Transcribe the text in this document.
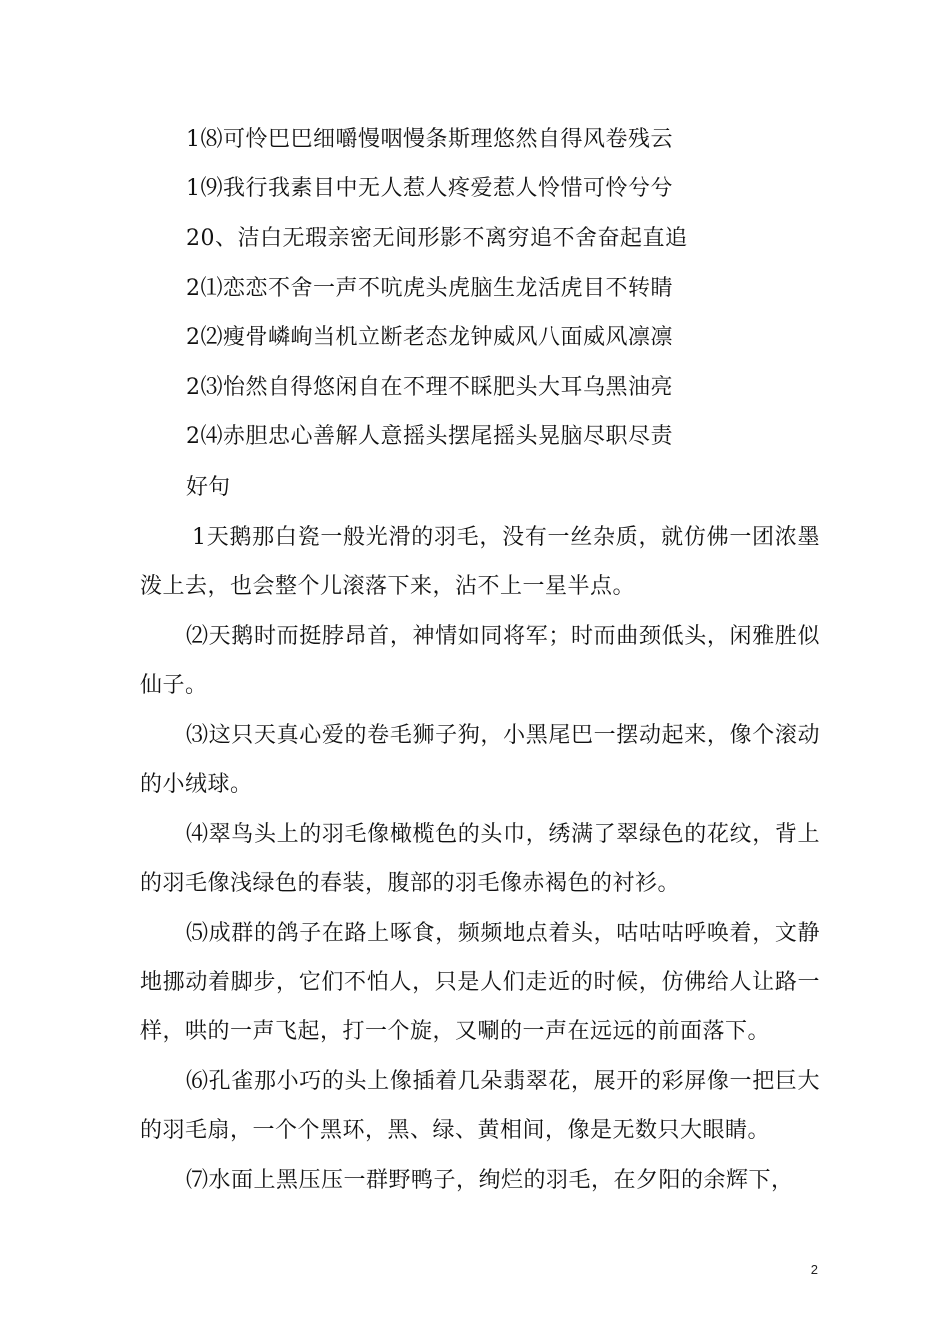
1⑻可怜巴巴细嚼慢咽慢条斯理悠然自得风卷残云
1⑼我行我素目中无人惹人疼爱惹人怜惜可怜兮兮
20、洁白无瑕亲密无间形影不离穷追不舍奋起直追
2⑴恋恋不舍一声不吭虎头虎脑生龙活虎目不转睛
2⑵瘦骨嶙峋当机立断老态龙钟威风八面威风凛凛
2⑶怡然自得悠闲自在不理不睬肥头大耳乌黑油亮
2⑷赤胆忠心善解人意摇头摆尾摇头晃脑尽职尽责
好句

1天鹅那白瓷一般光滑的羽毛，没有一丝杂质，就仿佛一团浓墨泼上去，也会整个儿滚落下来，沾不上一星半点。

⑵天鹅时而挺脖昂首，神情如同将军；时而曲颈低头，闲雅胜似仙子。

⑶这只天真心爱的卷毛狮子狗，小黑尾巴一摆动起来，像个滚动的小绒球。

⑷翠鸟头上的羽毛像橄榄色的头巾，绣满了翠绿色的花纹，背上的羽毛像浅绿色的春装，腹部的羽毛像赤褐色的衬衫。

⑸成群的鸽子在路上啄食，频频地点着头，咕咕咕呼唤着，文静地挪动着脚步，它们不怕人，只是人们走近的时候，仿佛给人让路一样，哄的一声飞起，打一个旋，又唰的一声在远远的前面落下。

⑹孔雀那小巧的头上像插着几朵翡翠花，展开的彩屏像一把巨大的羽毛扇，一个个黑环，黑、绿、黄相间，像是无数只大眼睛。

⑺水面上黑压压一群野鸭子，绚烂的羽毛，在夕阳的余辉下，

2
